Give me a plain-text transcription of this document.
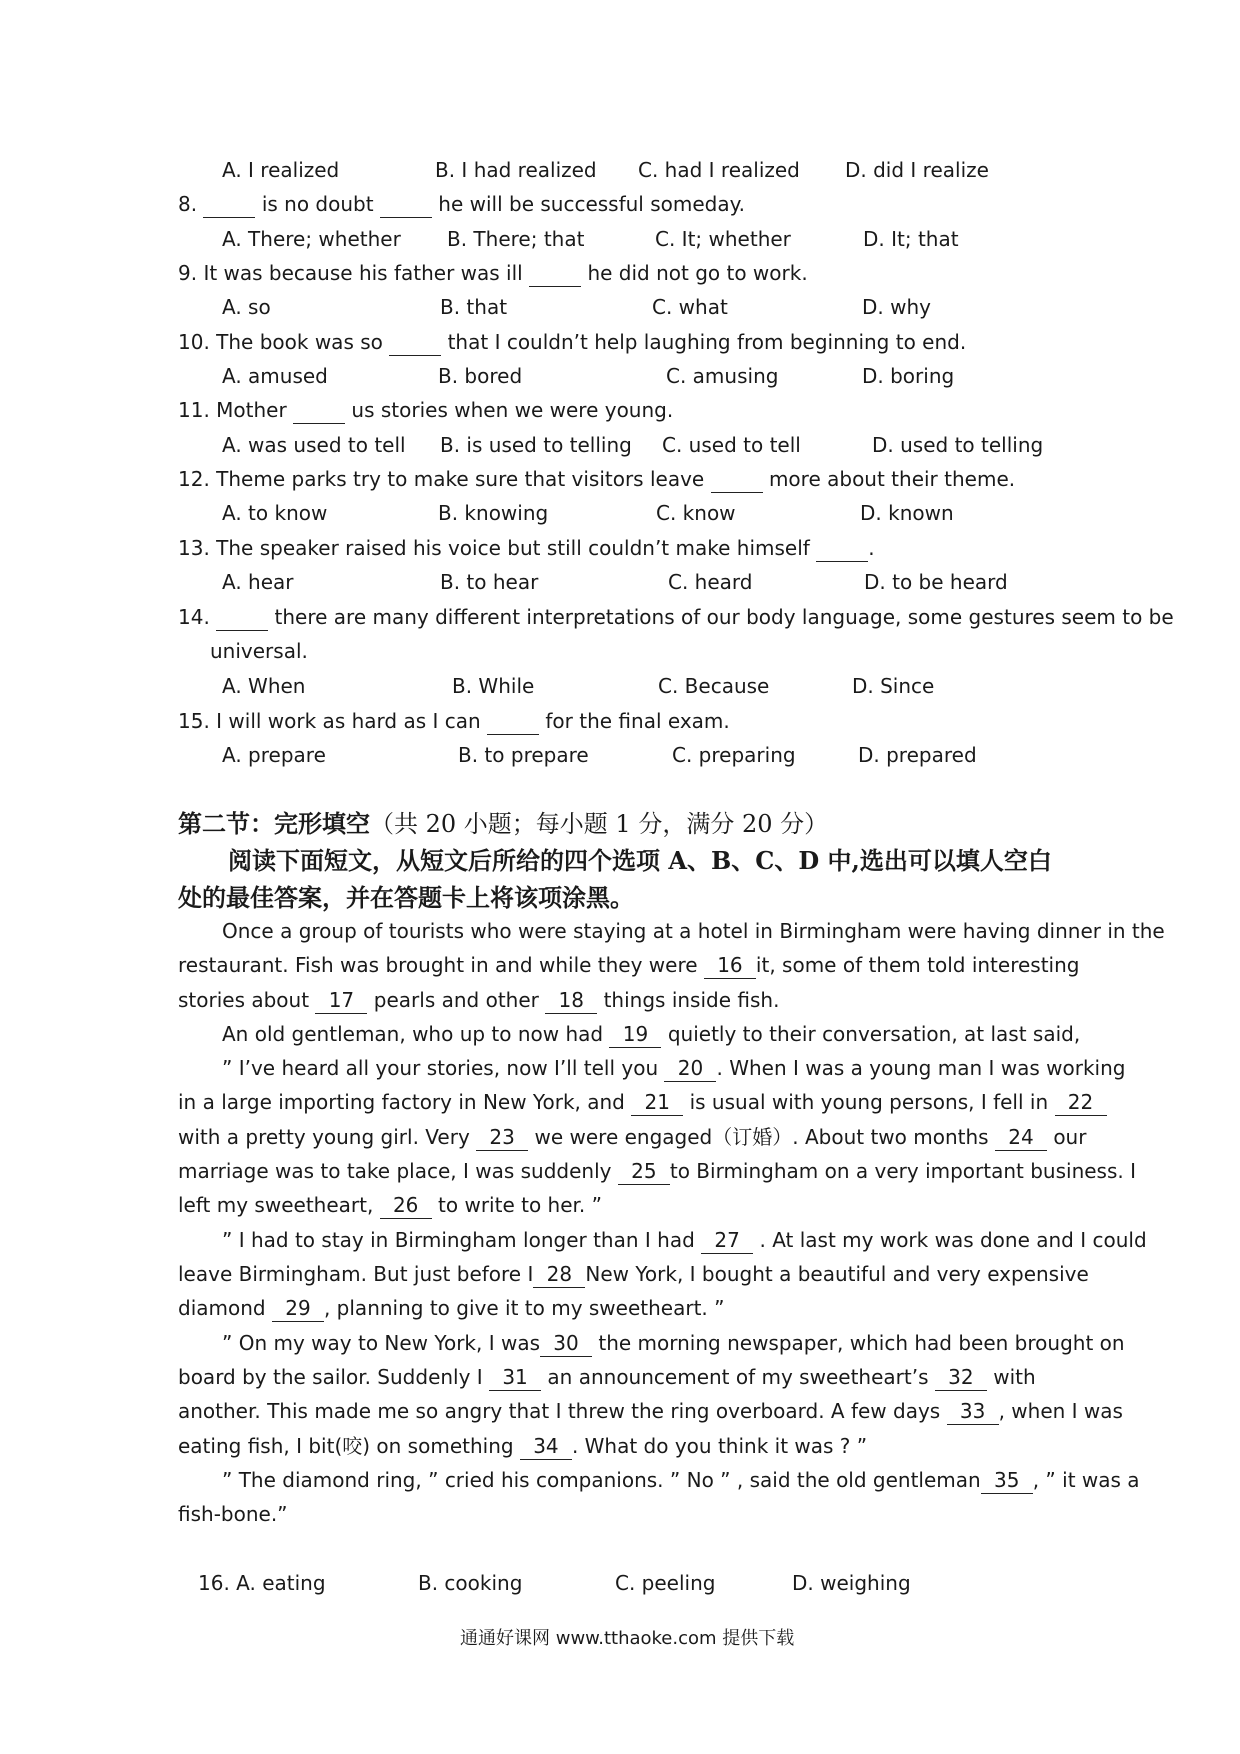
A. I realized	B. I had realized C. had I realized D. did I realize
8.	is no doubt	he will be successful someday.
A. There; whether B. There; that	C. It; whether	D. It; that
9. It was because his father was ill	he did not go to work.
A. so	B. that	C. what	D. why
10. The book was so	that I couldn’t help laughing from beginning to end.
A. amused	B. bored	C. amusing	D. boring
11. Mother	us stories when we were young.
A. was used to tell B. is used to telling C. used to tell	D. used to telling
12. Theme parks try to make sure that visitors leave	more about their theme.
A. to know	B. knowing	C. know	D. known
13. The speaker raised his voice but still couldn’t make himself	.
A. hear	B. to hear	C. heard	D. to be heard
14.	there are many different interpretations of our body language, some gestures seem to be
universal.
A. When	B. While	C. Because	D. Since
15. I will work as hard as I can	for the final exam.
A. prepare	B. to prepare	C. preparing	D. prepared
第二节：完形填空（共 20 小题；每小题 1 分，满分 20 分）
阅读下面短文，从短文后所给的四个选项 A、B、C、D 中,选出可以填人空白
处的最佳答案，并在答题卡上将该项涂黑。
Once a group of tourists who were staying at a hotel in Birmingham were having dinner in the
restaurant. Fish was brought in and while they were 16 it, some of them told interesting
stories about 17 pearls and other 18 things inside fish.
An old gentleman, who up to now had 19 quietly to their conversation, at last said,
” I’ve heard all your stories, now I’ll tell you 20 . When I was a young man I was working
in a large importing factory in New York, and 21 is usual with young persons, I fell in 22
with a pretty young girl. Very 23 we were engaged（订婚）. About two months 24 our
marriage was to take place, I was suddenly 25 to Birmingham on a very important business. I
left my sweetheart, 26 to write to her. ”
” I had to stay in Birmingham longer than I had 27 . At last my work was done and I could
leave Birmingham. But just before I 28 New York, I bought a beautiful and very expensive
diamond 29 , planning to give it to my sweetheart. ”
” On my way to New York, I was 30 the morning newspaper, which had been brought on
board by the sailor. Suddenly I 31 an announcement of my sweetheart’s 32 with
another. This made me so angry that I threw the ring overboard. A few days 33 , when I was
eating fish, I bit(咬) on something 34 . What do you think it was ? ”
” The diamond ring, ” cried his companions. ” No ” , said the old gentleman 35 , ” it was a
fish-bone.”
16. A. eating	B. cooking	C. peeling	D. weighing
通通好课网 www.tthaoke.com 提供下载
